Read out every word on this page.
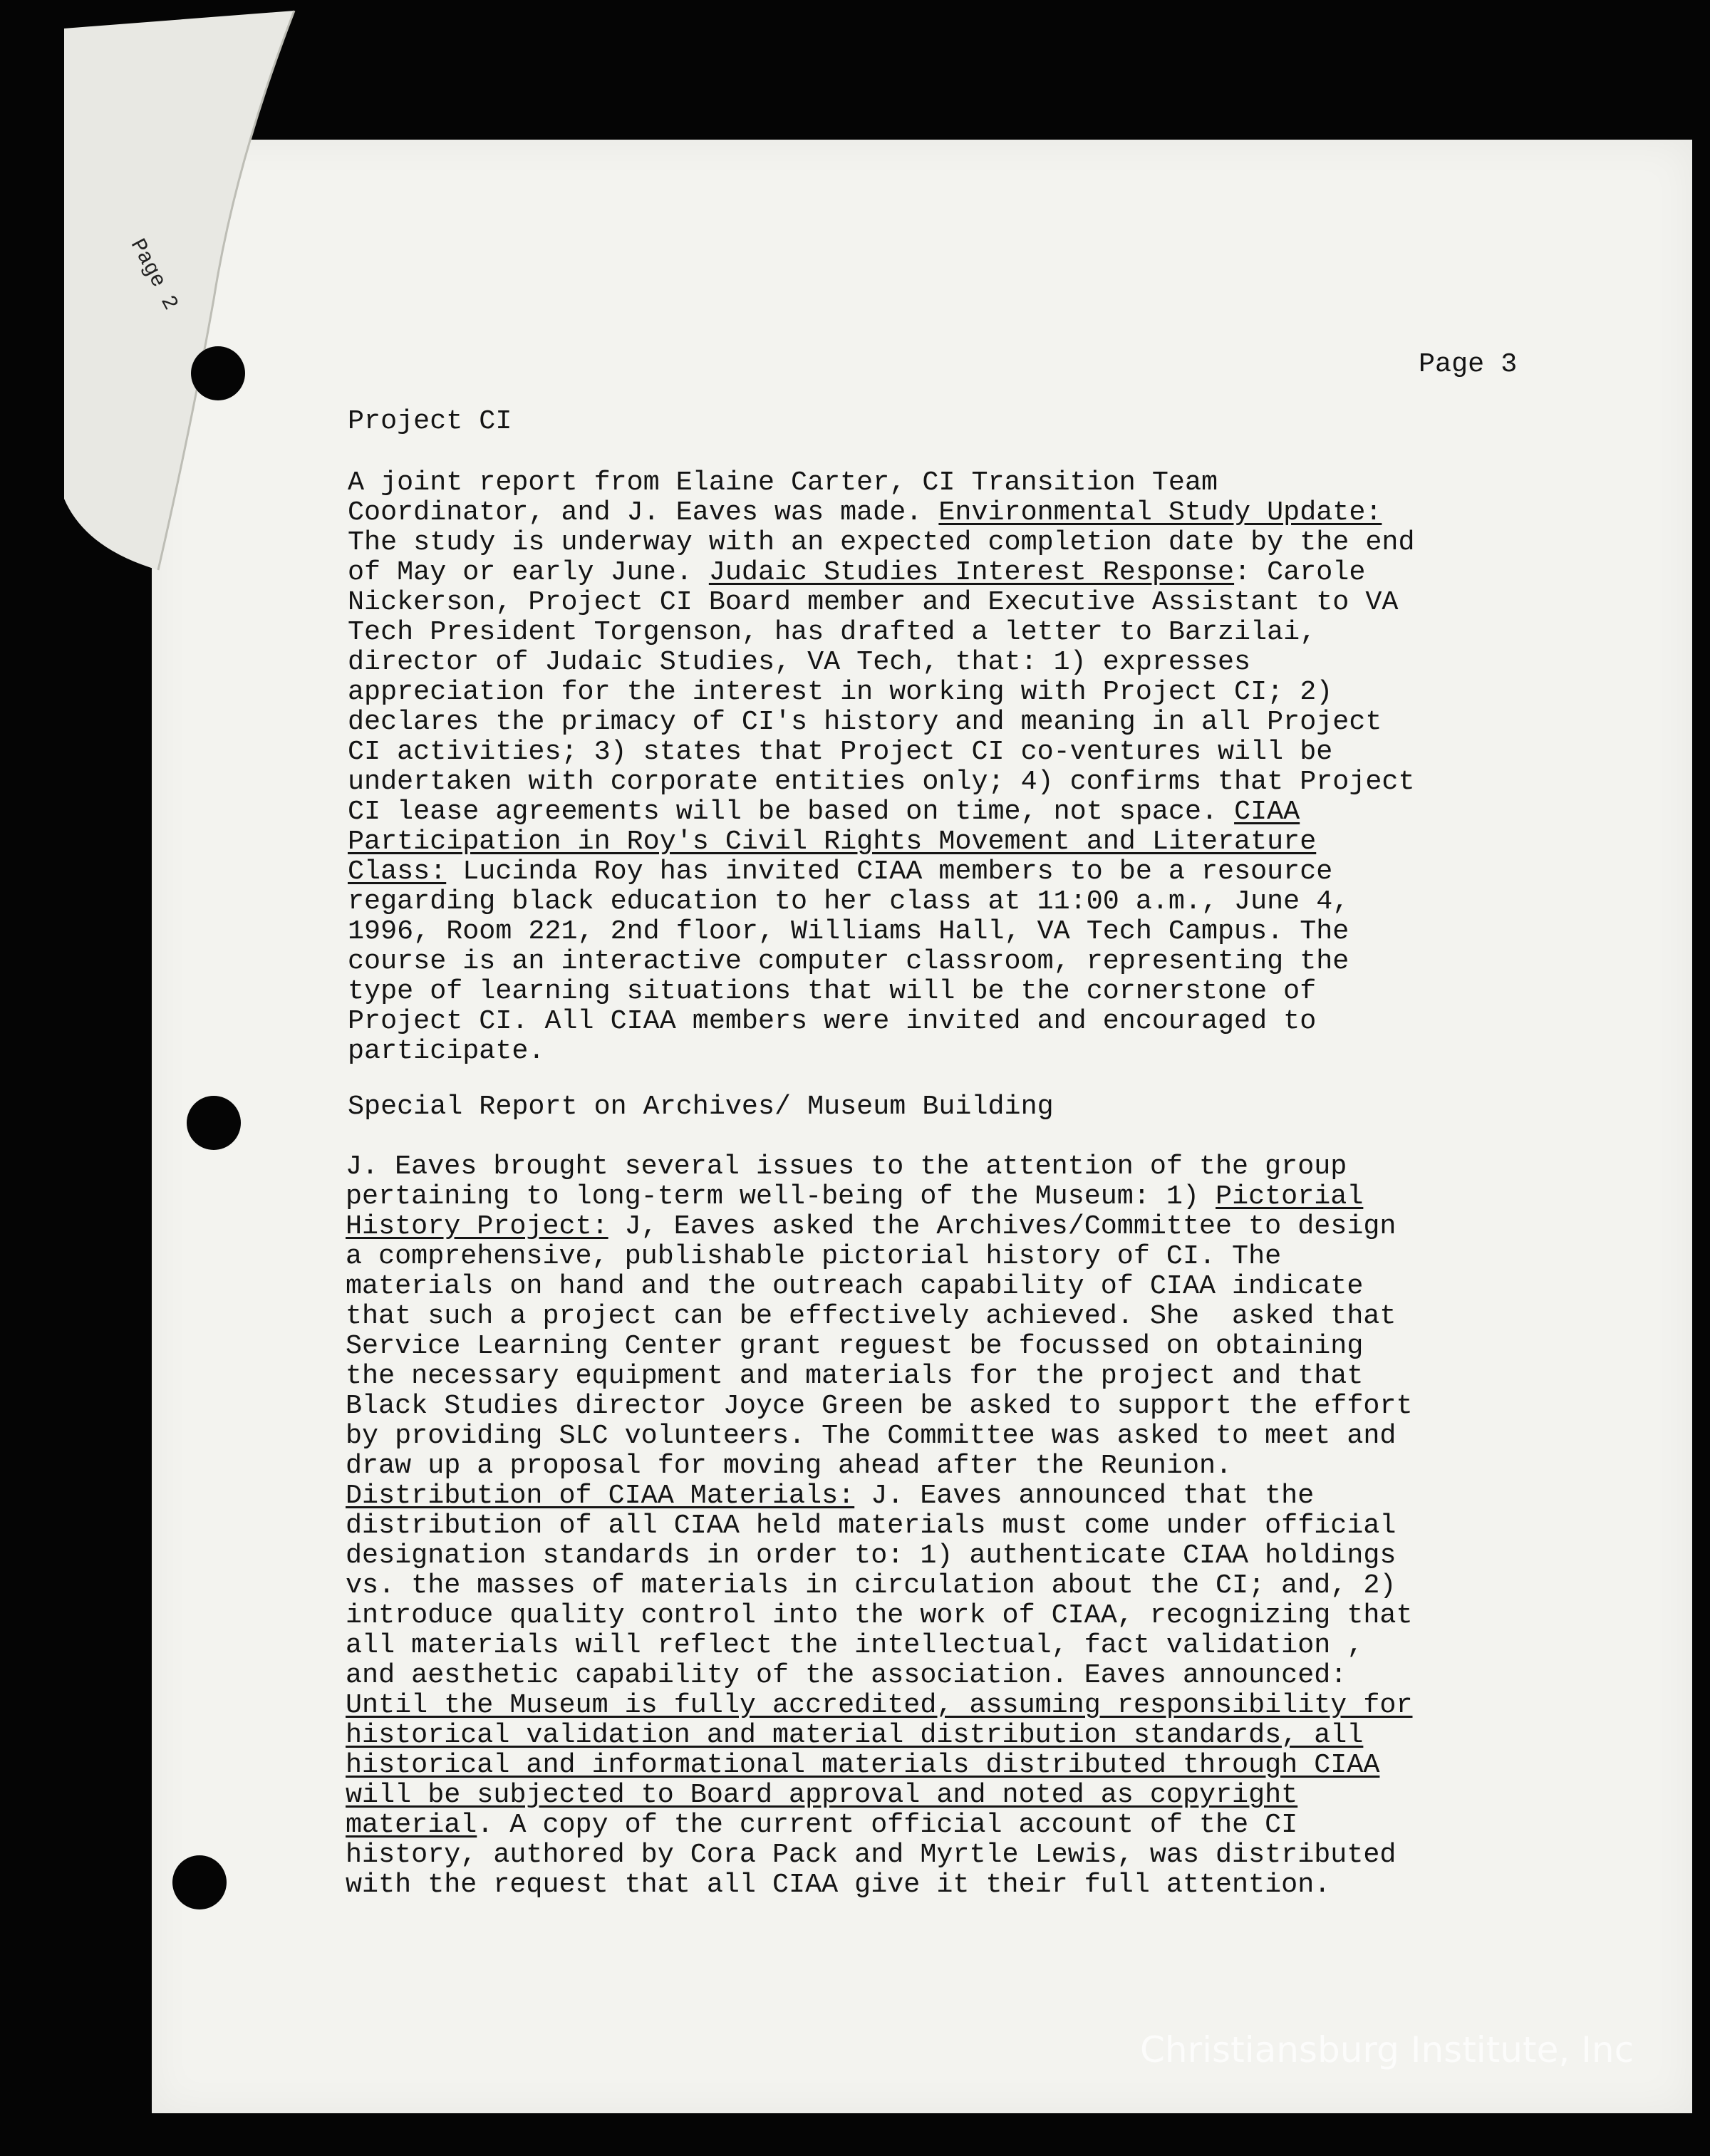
Page 2
Page 3
Project CI
A joint report from Elaine Carter, CI Transition Team
Coordinator, and J. Eaves was made. Environmental Study Update:
The study is underway with an expected completion date by the end
of May or early June. Judaic Studies Interest Response: Carole
Nickerson, Project CI Board member and Executive Assistant to VA
Tech President Torgenson, has drafted a letter to Barzilai,
director of Judaic Studies, VA Tech, that: 1) expresses
appreciation for the interest in working with Project CI; 2)
declares the primacy of CI's history and meaning in all Project
CI activities; 3) states that Project CI co-ventures will be
undertaken with corporate entities only; 4) confirms that Project
CI lease agreements will be based on time, not space. CIAA
Participation in Roy's Civil Rights Movement and Literature
Class: Lucinda Roy has invited CIAA members to be a resource
regarding black education to her class at 11:00 a.m., June 4,
1996, Room 221, 2nd floor, Williams Hall, VA Tech Campus. The
course is an interactive computer classroom, representing the
type of learning situations that will be the cornerstone of
Project CI. All CIAA members were invited and encouraged to
participate.
Special Report on Archives/ Museum Building
J. Eaves brought several issues to the attention of the group
pertaining to long-term well-being of the Museum: 1) Pictorial
History Project: J, Eaves asked the Archives/Committee to design
a comprehensive, publishable pictorial history of CI. The
materials on hand and the outreach capability of CIAA indicate
that such a project can be effectively achieved. She  asked that
Service Learning Center grant reguest be focussed on obtaining
the necessary equipment and materials for the project and that
Black Studies director Joyce Green be asked to support the effort
by providing SLC volunteers. The Committee was asked to meet and
draw up a proposal for moving ahead after the Reunion.
Distribution of CIAA Materials: J. Eaves announced that the
distribution of all CIAA held materials must come under official
designation standards in order to: 1) authenticate CIAA holdings
vs. the masses of materials in circulation about the CI; and, 2)
introduce quality control into the work of CIAA, recognizing that
all materials will reflect the intellectual, fact validation ,
and aesthetic capability of the association. Eaves announced:
Until the Museum is fully accredited, assuming responsibility for
historical validation and material distribution standards, all
historical and informational materials distributed through CIAA
will be subjected to Board approval and noted as copyright
material. A copy of the current official account of the CI
history, authored by Cora Pack and Myrtle Lewis, was distributed
with the request that all CIAA give it their full attention.
Christiansburg Institute, Inc
